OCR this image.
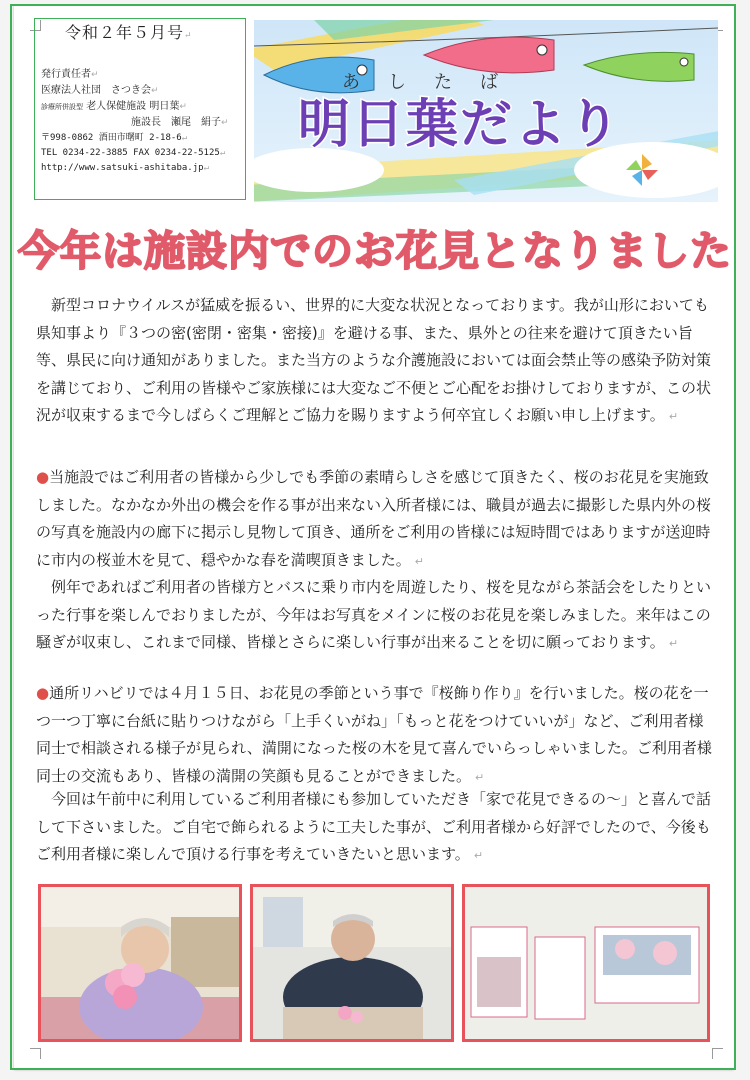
令和２年５月号↵
発行責任者↵
医療法人社団　さつき会↵
診療所併設型 老人保健施設 明日葉↵
施設長　瀬尾　絹子↵
〒998-0862 酒田市曙町 2-18-6↵
TEL 0234-22-3885 FAX 0234-22-5125↵
http://www.satsuki-ashitaba.jp↵
あしたば
明日葉だより
今年は施設内でのお花見となりました

新型コロナウイルスが猛威を振るい、世界的に大変な状況となっております。我が山形においても県知事より『３つの密(密閉・密集・密接)』を避ける事、また、県外との往来を避けて頂きたい旨等、県民に向け通知がありました。また当方のような介護施設においては面会禁止等の感染予防対策を講じており、ご利用の皆様やご家族様には大変なご不便とご心配をお掛けしておりますが、この状況が収束するまで今しばらくご理解とご協力を賜りますよう何卒宜しくお願い申し上げます。 ↵

●当施設ではご利用者の皆様から少しでも季節の素晴らしさを感じて頂きたく、桜のお花見を実施致しました。なかなか外出の機会を作る事が出来ない入所者様には、職員が過去に撮影した県内外の桜の写真を施設内の廊下に掲示し見物して頂き、通所をご利用の皆様には短時間ではありますが送迎時に市内の桜並木を見て、穏やかな春を満喫頂きました。 ↵

例年であればご利用者の皆様方とバスに乗り市内を周遊したり、桜を見ながら茶話会をしたりといった行事を楽しんでおりましたが、今年はお写真をメインに桜のお花見を楽しみました。来年はこの騒ぎが収束し、これまで同様、皆様とさらに楽しい行事が出来ることを切に願っております。 ↵

●通所リハビリでは４月１５日、お花見の季節という事で『桜飾り作り』を行いました。桜の花を一つ一つ丁寧に台紙に貼りつけながら「上手くいがね」「もっと花をつけていいが」など、ご利用者様同士で相談される様子が見られ、満開になった桜の木を見て喜んでいらっしゃいました。ご利用者様同士の交流もあり、皆様の満開の笑顔も見ることができました。 ↵

今回は午前中に利用しているご利用者様にも参加していただき「家で花見できるの～」と喜んで話して下さいました。ご自宅で飾られるように工夫した事が、ご利用者様から好評でしたので、今後もご利用者様に楽しんで頂ける行事を考えていきたいと思います。 ↵
